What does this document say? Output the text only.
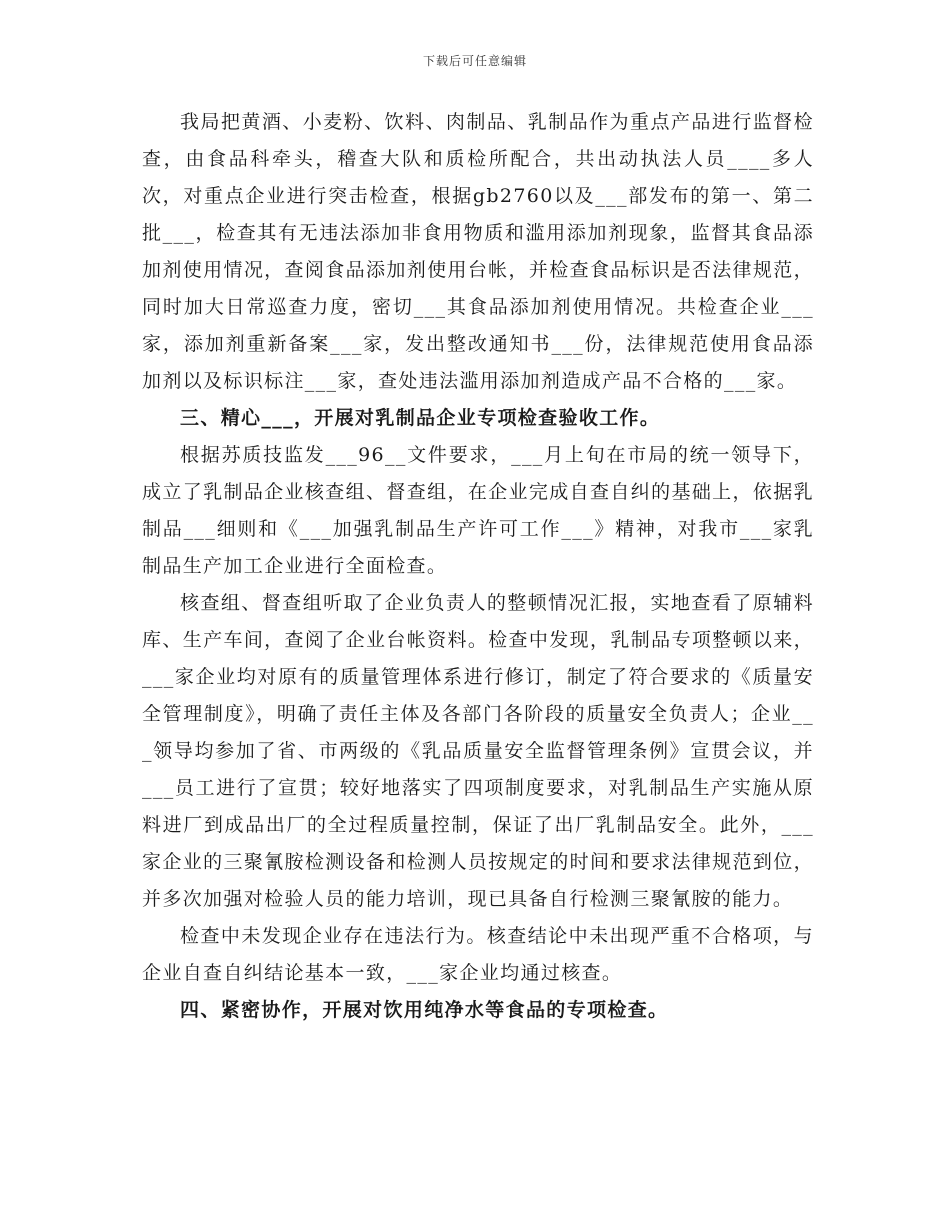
下载后可任意编辑

我局把黄酒、小麦粉、饮料、肉制品、乳制品作为重点产品进行监督检查，由食品科牵头，稽查大队和质检所配合，共出动执法人员____多人次，对重点企业进行突击检查，根据gb2760以及___部发布的第一、第二批___，检查其有无违法添加非食用物质和滥用添加剂现象，监督其食品添加剂使用情况，查阅食品添加剂使用台帐，并检查食品标识是否法律规范，同时加大日常巡查力度，密切___其食品添加剂使用情况。共检查企业___家，添加剂重新备案___家，发出整改通知书___份，法律规范使用食品添加剂以及标识标注___家，查处违法滥用添加剂造成产品不合格的___家。

三、精心___，开展对乳制品企业专项检查验收工作。

根据苏质技监发___96__文件要求，___月上旬在市局的统一领导下，成立了乳制品企业核查组、督查组，在企业完成自查自纠的基础上，依据乳制品___细则和《___加强乳制品生产许可工作___》精神，对我市___家乳制品生产加工企业进行全面检查。

核查组、督查组听取了企业负责人的整顿情况汇报，实地查看了原辅料库、生产车间，查阅了企业台帐资料。检查中发现，乳制品专项整顿以来，___家企业均对原有的质量管理体系进行修订，制定了符合要求的《质量安全管理制度》，明确了责任主体及各部门各阶段的质量安全负责人；企业___领导均参加了省、市两级的《乳品质量安全监督管理条例》宣贯会议，并___员工进行了宣贯；较好地落实了四项制度要求，对乳制品生产实施从原料进厂到成品出厂的全过程质量控制，保证了出厂乳制品安全。此外，___家企业的三聚氰胺检测设备和检测人员按规定的时间和要求法律规范到位，并多次加强对检验人员的能力培训，现已具备自行检测三聚氰胺的能力。

检查中未发现企业存在违法行为。核查结论中未出现严重不合格项，与企业自查自纠结论基本一致，___家企业均通过核查。

四、紧密协作，开展对饮用纯净水等食品的专项检查。
